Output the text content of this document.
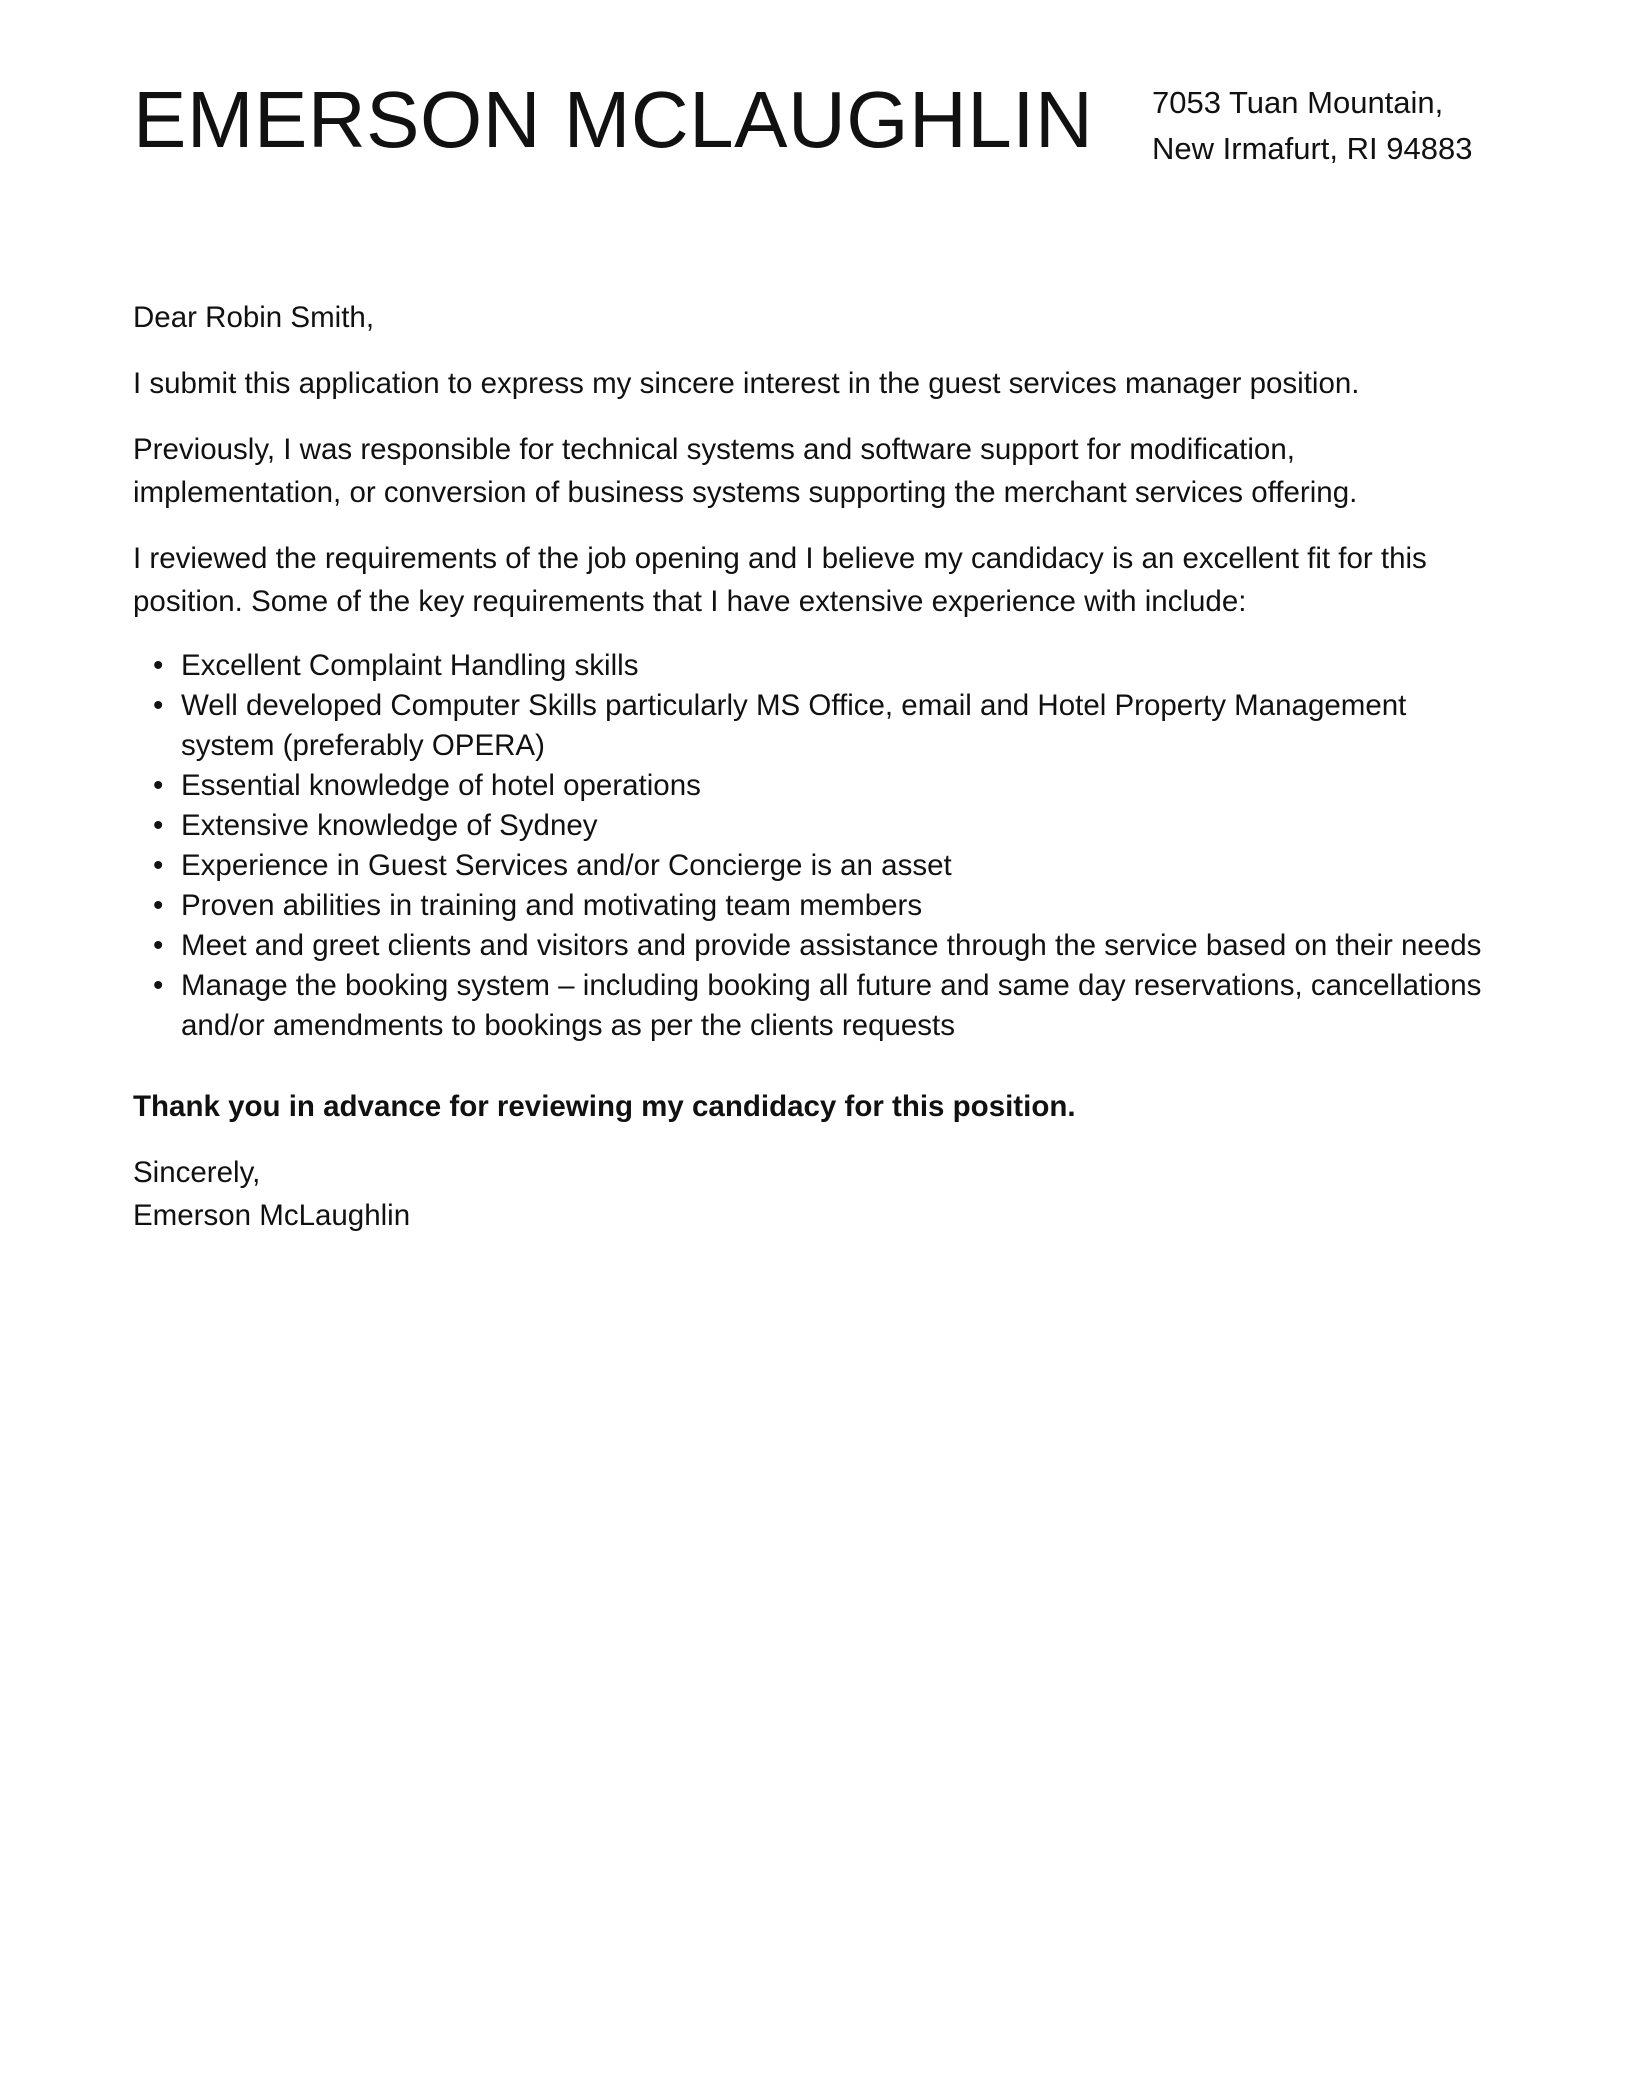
EMERSON MCLAUGHLIN 7053 Tuan Mountain,
New Irmafurt, RI 94883

Dear Robin Smith,

I submit this application to express my sincere interest in the guest services manager position.

Previously, I was responsible for technical systems and software support for modification, implementation, or conversion of business systems supporting the merchant services offering.

I reviewed the requirements of the job opening and I believe my candidacy is an excellent fit for this position. Some of the key requirements that I have extensive experience with include:

• Excellent Complaint Handling skills
• Well developed Computer Skills particularly MS Office, email and Hotel Property Management system (preferably OPERA)
• Essential knowledge of hotel operations
• Extensive knowledge of Sydney
• Experience in Guest Services and/or Concierge is an asset
• Proven abilities in training and motivating team members
• Meet and greet clients and visitors and provide assistance through the service based on their needs
• Manage the booking system – including booking all future and same day reservations, cancellations and/or amendments to bookings as per the clients requests

Thank you in advance for reviewing my candidacy for this position.

Sincerely,
Emerson McLaughlin
